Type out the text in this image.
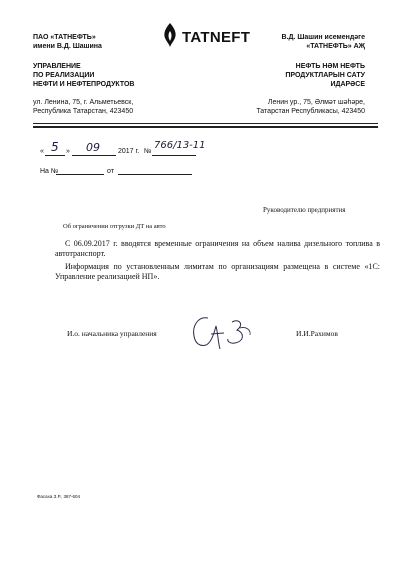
ПАО «ТАТНЕФТЬ»
имени В.Д. Шашина
УПРАВЛЕНИЕ
ПО РЕАЛИЗАЦИИ
НЕФТИ И НЕФТЕПРОДУКТОВ
ул. Ленина, 75, г. Альметьевск,
Республика Татарстан, 423450
TATNEFT	В.Д. Шашин исемендәге
«ТАТНЕФТЬ» АҖ
НЕФТЬ HӘМ НЕФТЬ
ПРОДУКТЛАРЫН САТУ
ИДАРӘСЕ
Ленин ур., 75, Әлмәт шәһәре,
Татарстан Республикасы, 423450
« 5 » 09	2017 г. №
766/13-11
На №	от
Руководителю предприятия
Об ограничении отгрузки ДТ на авто
С 06.09.2017 г. вводятся временные ограничения на объем налива дизельного топлива в автотранспорт.
Информация по установленным лимитам по организациям размещена в системе «1С: Управление реализацией НП».
И.о. начальника управления	И.И.Рахимов
Фасаха З.Р., 387-604
